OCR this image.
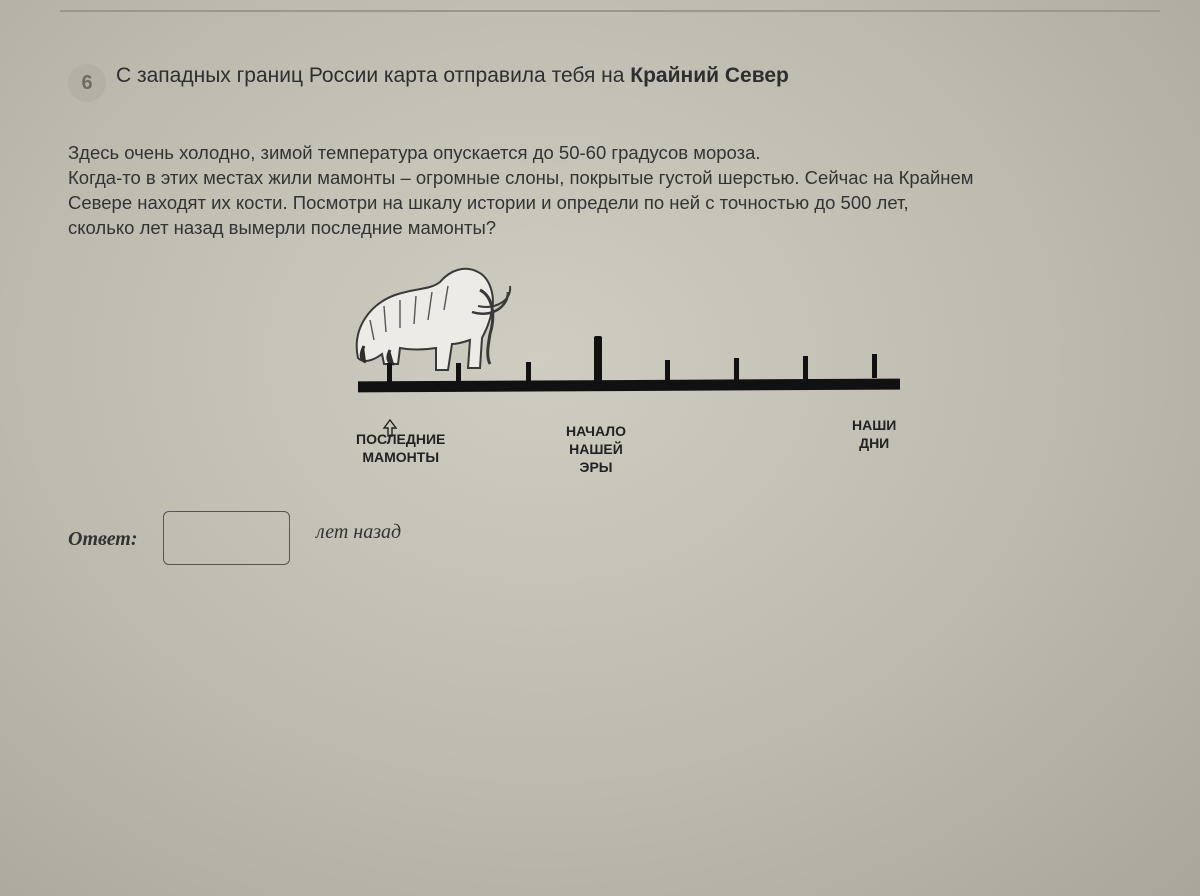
6	С западных границ России карта отправила тебя на Крайний Север
Здесь очень холодно, зимой температура опускается до 50-60 градусов мороза.
Когда-то в этих местах жили мамонты – огромные слоны, покрытые густой шерстью. Сейчас на Крайнем
Севере находят их кости. Посмотри на шкалу истории и определи по ней с точностью до 500 лет,
сколько лет назад вымерли последние мамонты?
ПОСЛЕДНИЕ
МАМОНТЫ
НАЧАЛО
НАШЕЙ
ЭРЫ
НАШИ
ДНИ
Ответ:	лет назад
